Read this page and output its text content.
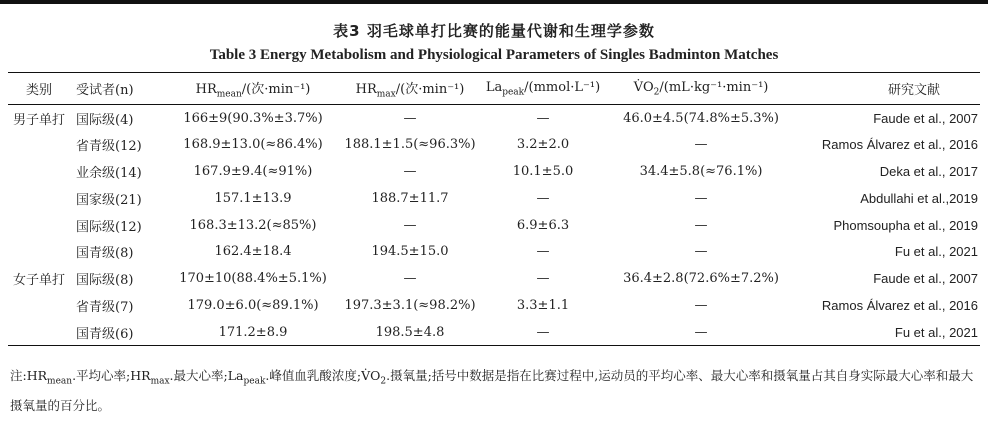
表3 羽毛球单打比赛的能量代谢和生理学参数
Table 3 Energy Metabolism and Physiological Parameters of Singles Badminton Matches
类别	受试者(n)	$HR_{mean}/$(次·min⁻¹)	$HR_{max}/$(次·min⁻¹)	$La_{peak}/(mmol\cdot L^{-1})$	$V̇O_2/(mL\cdot kg^{-1}\cdot\min^{-1})$	研究文献
男子单打	国际级(4)	166±9(90.3%±3.7%)	—	—	46.0±4.5(74.8%±5.3%)	Faude et al., 2007
	省青级(12)	168.9±13.0(≈86.4%)	188.1±1.5(≈96.3%)	3.2±2.0	—	Ramos Álvarez et al., 2016
	业余级(14)	167.9±9.4(≈91%)	—	10.1±5.0	34.4±5.8(≈76.1%)	Deka et al., 2017
	国家级(21)	157.1±13.9	188.7±11.7	—	—	Abdullahi et al.,2019
	国际级(12)	168.3±13.2(≈85%)	—	6.9±6.3	—	Phomsoupha et al., 2019
	国青级(8)	162.4±18.4	194.5±15.0	—	—	Fu et al., 2021
女子单打	国际级(8)	170±10(88.4%±5.1%)	—	—	36.4±2.8(72.6%±7.2%)	Faude et al., 2007
	省青级(7)	179.0±6.0(≈89.1%)	197.3±3.1(≈98.2%)	3.3±1.1	—	Ramos Álvarez et al., 2016
	国青级(6)	171.2±8.9	198.5±4.8	—	—	Fu et al., 2021
注$:HR_{mean}$.平均心率$;HR_{max}$.最大心率$;La_{peak}$.峰值血乳酸浓度$;V̇O_2$.摄氧量;括号中数据是指在比赛过程中,运动员的平均心率、最大心率和摄氧量占其自身实际最大心率和最大摄氧量的百分比。
